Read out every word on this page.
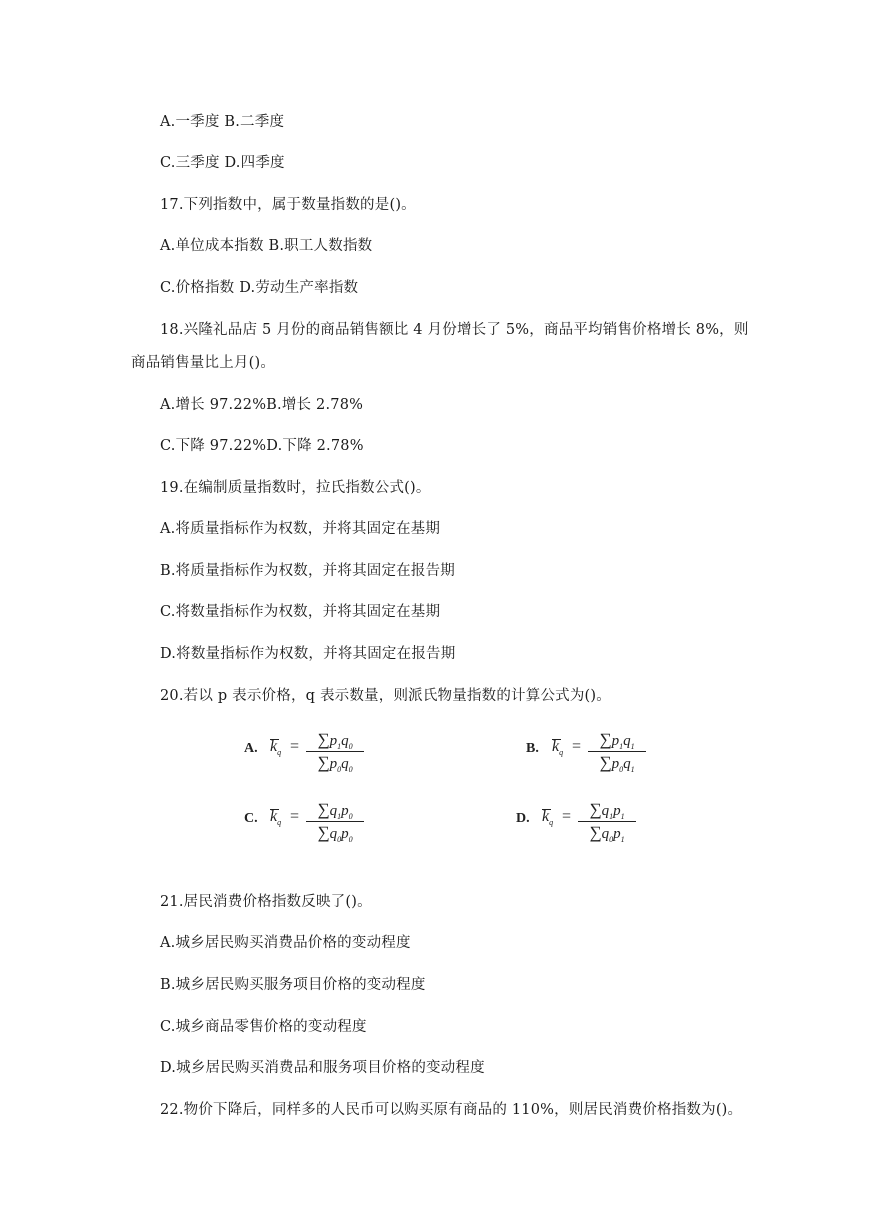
A.一季度 B.二季度
C.三季度 D.四季度
17.下列指数中，属于数量指数的是()。
A.单位成本指数 B.职工人数指数
C.价格指数 D.劳动生产率指数
18.兴隆礼品店 5 月份的商品销售额比 4 月份增长了 5%，商品平均销售价格增长 8%，则
商品销售量比上月()。
A.增长 97.22%B.增长 2.78%
C.下降 97.22%D.下降 2.78%
19.在编制质量指数时，拉氏指数公式()。
A.将质量指标作为权数，并将其固定在基期
B.将质量指标作为权数，并将其固定在报告期
C.将数量指标作为权数，并将其固定在基期
D.将数量指标作为权数，并将其固定在报告期
20.若以 p 表示价格，q 表示数量，则派氏物量指数的计算公式为()。
A. $k_q$ =	$\sum p_1q_0$
$\sum p_0q_0$
B. $k_q$ =	$\sum p_1q_1$
$\sum p_0q_1$
C. $k_q$ =	$\sum q_1p_0$
$\sum q_0p_0$
D. $k_q$ =	$\sum q_1p_1$
$\sum q_0p_1$
21.居民消费价格指数反映了()。
A.城乡居民购买消费品价格的变动程度
B.城乡居民购买服务项目价格的变动程度
C.城乡商品零售价格的变动程度
D.城乡居民购买消费品和服务项目价格的变动程度
22.物价下降后，同样多的人民币可以购买原有商品的 110%，则居民消费价格指数为()。
